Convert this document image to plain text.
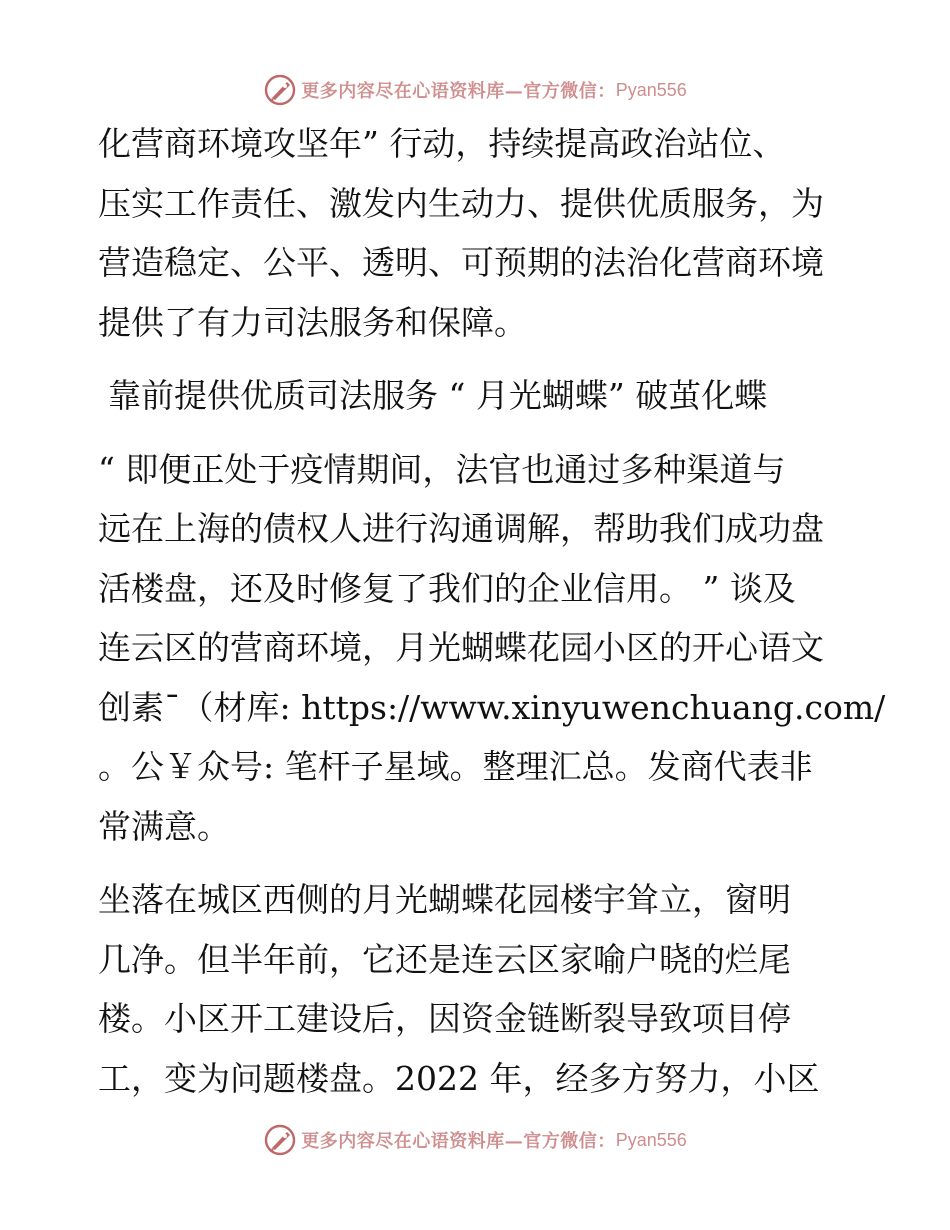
更多内容尽在心语资料库—官方微信： Pyan556
化营商环境攻坚年” 行动，持续提高政治站位、
压实工作责任、激发内生动力、提供优质服务，为
营造稳定、公平、透明、可预期的法治化营商环境
提供了有力司法服务和保障。
靠前提供优质司法服务 “ 月光蝴蝶” 破茧化蝶
“ 即便正处于疫情期间，法官也通过多种渠道与
远在上海的债权人进行沟通调解，帮助我们成功盘
活楼盘，还及时修复了我们的企业信用。 ” 谈及
连云区的营商环境，月光蝴蝶花园小区的开心语文
创素¯（材库: https://www.xinyuwenchuang.com/
。公￥众号: 笔杆子星域。整理汇总。发商代表非
常满意。
坐落在城区西侧的月光蝴蝶花园楼宇耸立，窗明
几净。但半年前，它还是连云区家喻户晓的烂尾
楼。小区开工建设后，因资金链断裂导致项目停
工，变为问题楼盘。2022 年，经多方努力，小区
更多内容尽在心语资料库—官方微信： Pyan556
